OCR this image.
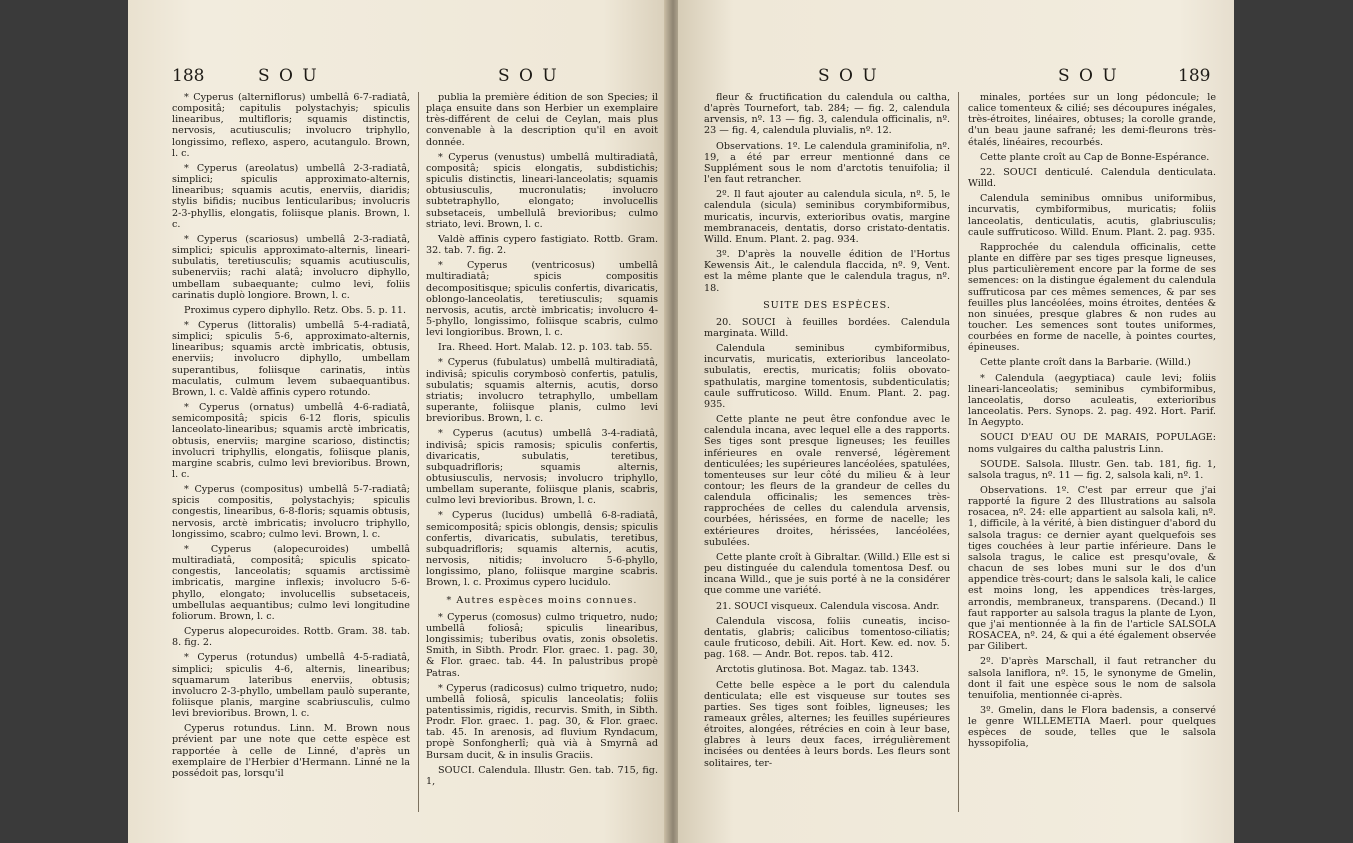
188	S O U	S O U

* Cyperus (alterniflorus) umbellâ 6-7-radiatâ, compositâ; capitulis polystachyis; spiculis linearibus, multifloris; squamis distinctis, nervosis, acutiusculis; involucro triphyllo, longissimo, reflexo, aspero, acutangulo. Brown, l. c.

* Cyperus (areolatus) umbellâ 2-3-radiatâ, simplici; spiculis approximato-alternis, linearibus; squamis acutis, enerviis, diaridis; stylis bifidis; nucibus lenticularibus; involucris 2-3-phyllis, elongatis, foliisque planis. Brown, l. c.

* Cyperus (scariosus) umbellâ 2-3-radiatâ, simplici; spiculis approximato-alternis, lineari-subulatis, teretiusculis; squamis acutiusculis, subenerviis; rachi alatâ; involucro diphyllo, umbellam subaequante; culmo levi, foliis carinatis duplò longiore. Brown, l. c.

Proximus cypero diphyllo. Retz. Obs. 5. p. 11.

* Cyperus (littoralis) umbellâ 5-4-radiatâ, simplici; spiculis 5-6, approximato-alternis, linearibus; squamis arctè imbricatis, obtusis, enerviis; involucro diphyllo, umbellam superantibus, foliisque carinatis, intùs maculatis, culmum levem subaequantibus. Brown, l. c. Valdè affinis cypero rotundo.

* Cyperus (ornatus) umbellâ 4-6-radiatâ, semicompositâ; spicis 6-12 floris, spiculis lanceolato-linearibus; squamis arctè imbricatis, obtusis, enerviis; margine scarioso, distinctis; involucri triphyllis, elongatis, foliisque planis, margine scabris, culmo levi brevioribus. Brown, l. c.

* Cyperus (compositus) umbellâ 5-7-radiatâ; spicis compositis, polystachyis; spiculis congestis, linearibus, 6-8-floris; squamis obtusis, nervosis, arctè imbricatis; involucro triphyllo, longissimo, scabro; culmo levi. Brown, l. c.

* Cyperus (alopecuroides) umbellâ multiradiatâ, compositâ; spiculis spicato-congestis, lanceolatis; squamis arctissimè imbricatis, margine inflexis; involucro 5-6-phyllo, elongato; involucellis subsetaceis, umbellulas aequantibus; culmo levi longitudine foliorum. Brown, l. c.

Cyperus alopecuroides. Rottb. Gram. 38. tab. 8. fig. 2.

* Cyperus (rotundus) umbellâ 4-5-radiatâ, simplici; spiculis 4-6, alternis, linearibus; squamarum lateribus enerviis, obtusis; involucro 2-3-phyllo, umbellam paulò superante, foliisque planis, margine scabriusculis, culmo levi brevioribus. Brown, l. c.

Cyperus rotundus. Linn. M. Brown nous prévient par une note que cette espèce est rapportée à celle de Linné, d'après un exemplaire de l'Herbier d'Hermann. Linné ne la possédoit pas, lorsqu'il

publia la première édition de son Species; il plaça ensuite dans son Herbier un exemplaire très-différent de celui de Ceylan, mais plus convenable à la description qu'il en avoit donnée.

* Cyperus (venustus) umbellâ multiradiatâ, compositâ; spicis elongatis, subdistichis; spiculis distinctis, lineari-lanceolatis; squamis obtusiusculis, mucronulatis; involucro subtetraphyllo, elongato; involucellis subsetaceis, umbellulâ brevioribus; culmo striato, levi. Brown, l. c.

Valdè affinis cypero fastigiato. Rottb. Gram. 32. tab. 7. fig. 2.

* Cyperus (ventricosus) umbellâ multiradiatâ; spicis compositis decompositisque; spiculis confertis, divaricatis, oblongo-lanceolatis, teretiusculis; squamis nervosis, acutis, arctè imbricatis; involucro 4-5-phyllo, longissimo, foliisque scabris, culmo levi longioribus. Brown, l. c.

Ira. Rheed. Hort. Malab. 12. p. 103. tab. 55.

* Cyperus (fubulatus) umbellâ multiradiatâ, indivisâ; spiculis corymbosò confertis, patulis, subulatis; squamis alternis, acutis, dorso striatis; involucro tetraphyllo, umbellam superante, foliisque planis, culmo levi brevioribus. Brown, l. c.

* Cyperus (acutus) umbellâ 3-4-radiatâ, indivisâ; spicis ramosis; spiculis confertis, divaricatis, subulatis, teretibus, subquadrifloris; squamis alternis, obtusiusculis, nervosis; involucro triphyllo, umbellam superante, foliisque planis, scabris, culmo levi brevioribus. Brown, l. c.

* Cyperus (lucidus) umbellâ 6-8-radiatâ, semicompositâ; spicis oblongis, densis; spiculis confertis, divaricatis, subulatis, teretibus, subquadrifloris; squamis alternis, acutis, nervosis, nitidis; involucro 5-6-phyllo, longissimo, plano, foliisque margine scabris. Brown, l. c. Proximus cypero lucidulo.

* Autres espèces moins connues.

* Cyperus (comosus) culmo triquetro, nudo; umbellâ foliosâ; spiculis linearibus, longissimis; tuberibus ovatis, zonis obsoletis. Smith, in Sibth. Prodr. Flor. graec. 1. pag. 30, & Flor. graec. tab. 44. In palustribus propè Patras.

* Cyperus (radicosus) culmo triquetro, nudo; umbellâ foliosâ, spiculis lanceolatis; foliis patentissimis, rigidis, recurvis. Smith, in Sibth. Prodr. Flor. graec. 1. pag. 30, & Flor. graec. tab. 45. In arenosis, ad fluvium Ryndacum, propè Sonfongherlî; quà vià à Smyrnâ ad Bursam ducit, & in insulis Graciis.

SOUCI. Calendula. Illustr. Gen. tab. 715, fig. 1,

S O U	S O U	189

fleur & fructification du calendula ou caltha, d'après Tournefort, tab. 284; — fig. 2, calendula arvensis, nº. 13 — fig. 3, calendula officinalis, nº. 23 — fig. 4, calendula pluvialis, nº. 12.

Observations. 1º. Le calendula graminifolia, nº. 19, a été par erreur mentionné dans ce Supplément sous le nom d'arctotis tenuifolia; il l'en faut retrancher.

2º. Il faut ajouter au calendula sicula, nº. 5, le calendula (sicula) seminibus corymbiformibus, muricatis, incurvis, exterioribus ovatis, margine membranaceis, dentatis, dorso cristato-dentatis. Willd. Enum. Plant. 2. pag. 934.

3º. D'après la nouvelle édition de l'Hortus Kewensis Ait., le calendula flaccida, nº. 9, Vent. est la même plante que le calendula tragus, nº. 18.

SUITE DES ESPÈCES.

20. SOUCI à feuilles bordées. Calendula marginata. Willd.

Calendula seminibus cymbiformibus, incurvatis, muricatis, exterioribus lanceolato-subulatis, erectis, muricatis; foliis obovato-spathulatis, margine tomentosis, subdenticulatis; caule suffruticoso. Willd. Enum. Plant. 2. pag. 935.

Cette plante ne peut être confondue avec le calendula incana, avec lequel elle a des rapports. Ses tiges sont presque ligneuses; les feuilles inférieures en ovale renversé, légèrement denticulées; les supérieures lancéolées, spatulées, tomenteuses sur leur côté du milieu & à leur contour; les fleurs de la grandeur de celles du calendula officinalis; les semences très-rapprochées de celles du calendula arvensis, courbées, hérissées, en forme de nacelle; les extérieures droites, hérissées, lancéolées, subulées.

Cette plante croît à Gibraltar. (Willd.) Elle est si peu distinguée du calendula tomentosa Desf. ou incana Willd., que je suis porté à ne la considérer que comme une variété.

21. SOUCI visqueux. Calendula viscosa. Andr.

Calendula viscosa, foliis cuneatis, inciso-dentatis, glabris; calicibus tomentoso-ciliatis; caule fruticoso, debili. Ait. Hort. Kew. ed. nov. 5. pag. 168. — Andr. Bot. repos. tab. 412.

Arctotis glutinosa. Bot. Magaz. tab. 1343.

Cette belle espèce a le port du calendula denticulata; elle est visqueuse sur toutes ses parties. Ses tiges sont foibles, ligneuses; les rameaux grêles, alternes; les feuilles supérieures étroites, alongées, rétrécies en coin à leur base, glabres à leurs deux faces, irrégulièrement incisées ou dentées à leurs bords. Les fleurs sont solitaires, ter-

minales, portées sur un long pédoncule; le calice tomenteux & cilié; ses découpures inégales, très-étroites, linéaires, obtuses; la corolle grande, d'un beau jaune safrané; les demi-fleurons très-étalés, linéaires, recourbés.

Cette plante croît au Cap de Bonne-Espérance.

22. SOUCI denticulé. Calendula denticulata. Willd.

Calendula seminibus omnibus uniformibus, incurvatis, cymbiformibus, muricatis; foliis lanceolatis, denticulatis, acutis, glabriusculis; caule suffruticoso. Willd. Enum. Plant. 2. pag. 935.

Rapprochée du calendula officinalis, cette plante en diffère par ses tiges presque ligneuses, plus particulièrement encore par la forme de ses semences: on la distingue également du calendula suffruticosa par ces mêmes semences, & par ses feuilles plus lancéolées, moins étroites, dentées & non sinuées, presque glabres & non rudes au toucher. Les semences sont toutes uniformes, courbées en forme de nacelle, à pointes courtes, épineuses.

Cette plante croît dans la Barbarie. (Willd.)

* Calendula (aegyptiaca) caule levi; foliis lineari-lanceolatis; seminibus cymbiformibus, lanceolatis, dorso aculeatis, exterioribus lanceolatis. Pers. Synops. 2. pag. 492. Hort. Parif. In Aegypto.

SOUCI D'EAU OU DE MARAIS, POPULAGE: noms vulgaires du caltha palustris Linn.

SOUDE. Salsola. Illustr. Gen. tab. 181, fig. 1, salsola tragus, nº. 11 — fig. 2, salsola kali, nº. 1.

Observations. 1º. C'est par erreur que j'ai rapporté la figure 2 des Illustrations au salsola rosacea, nº. 24: elle appartient au salsola kali, nº. 1, difficile, à la vérité, à bien distinguer d'abord du salsola tragus: ce dernier ayant quelquefois ses tiges couchées à leur partie inférieure. Dans le salsola tragus, le calice est presqu'ovale, & chacun de ses lobes muni sur le dos d'un appendice très-court; dans le salsola kali, le calice est moins long, les appendices très-larges, arrondis, membraneux, transparens. (Decand.) Il faut rapporter au salsola tragus la plante de Lyon, que j'ai mentionnée à la fin de l'article SALSOLA ROSACEA, nº. 24, & qui a été également observée par Gilibert.

2º. D'après Marschall, il faut retrancher du salsola laniflora, nº. 15, le synonyme de Gmelin, dont il fait une espèce sous le nom de salsola tenuifolia, mentionnée ci-après.

3º. Gmelin, dans le Flora badensis, a conservé le genre WILLEMETIA Maerl. pour quelques espèces de soude, telles que le salsola hyssopifolia,
